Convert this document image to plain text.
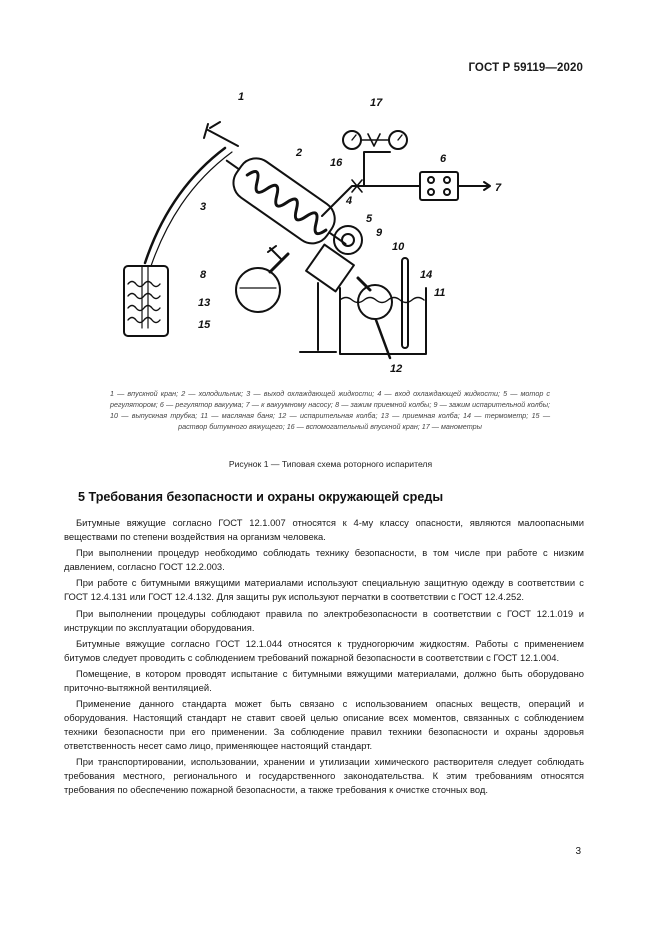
ГОСТ Р 59119—2020
1
2
3	4
5
6
7
8
9
10
11
12
13
14
15
16
17
1 — впускной кран; 2 — холодильник; 3 — выход охлаждающей жидкости; 4 — вход охлаждающей жидкости; 5 — мотор с регулятором; 6 — регулятор вакуума; 7 — к вакуумному насосу; 8 — зажим приемной колбы; 9 — зажим испарительной колбы; 10 — выпускная трубка; 11 — масляная баня; 12 — испарительная колба; 13 — приемная колба; 14 — термометр; 15 — раствор битумного вяжущего; 16 — вспомогательный впускной кран; 17 — манометры
Рисунок 1 — Типовая схема роторного испарителя
5 Требования безопасности и охраны окружающей среды

Битумные вяжущие согласно ГОСТ 12.1.007 относятся к 4-му классу опасности, являются малоопасными веществами по степени воздействия на организм человека.

При выполнении процедур необходимо соблюдать технику безопасности, в том числе при работе с низким давлением, согласно ГОСТ 12.2.003.

При работе с битумными вяжущими материалами используют специальную защитную одежду в соответствии с ГОСТ 12.4.131 или ГОСТ 12.4.132. Для защиты рук используют перчатки в соответствии с ГОСТ 12.4.252.

При выполнении процедуры соблюдают правила по электробезопасности в соответствии с ГОСТ 12.1.019 и инструкции по эксплуатации оборудования.

Битумные вяжущие согласно ГОСТ 12.1.044 относятся к трудногорючим жидкостям. Работы с применением битумов следует проводить с соблюдением требований пожарной безопасности в соответствии с ГОСТ 12.1.004.

Помещение, в котором проводят испытание с битумными вяжущими материалами, должно быть оборудовано приточно-вытяжной вентиляцией.

Применение данного стандарта может быть связано с использованием опасных веществ, операций и оборудования. Настоящий стандарт не ставит своей целью описание всех моментов, связанных с соблюдением техники безопасности при его применении. За соблюдение правил техники безопасности и охраны здоровья ответственность несет само лицо, применяющее настоящий стандарт.

При транспортировании, использовании, хранении и утилизации химического растворителя следует соблюдать требования местного, регионального и государственного законодательства. К этим требованиям относятся требования по обеспечению пожарной безопасности, а также требования к очистке сточных вод.

3
